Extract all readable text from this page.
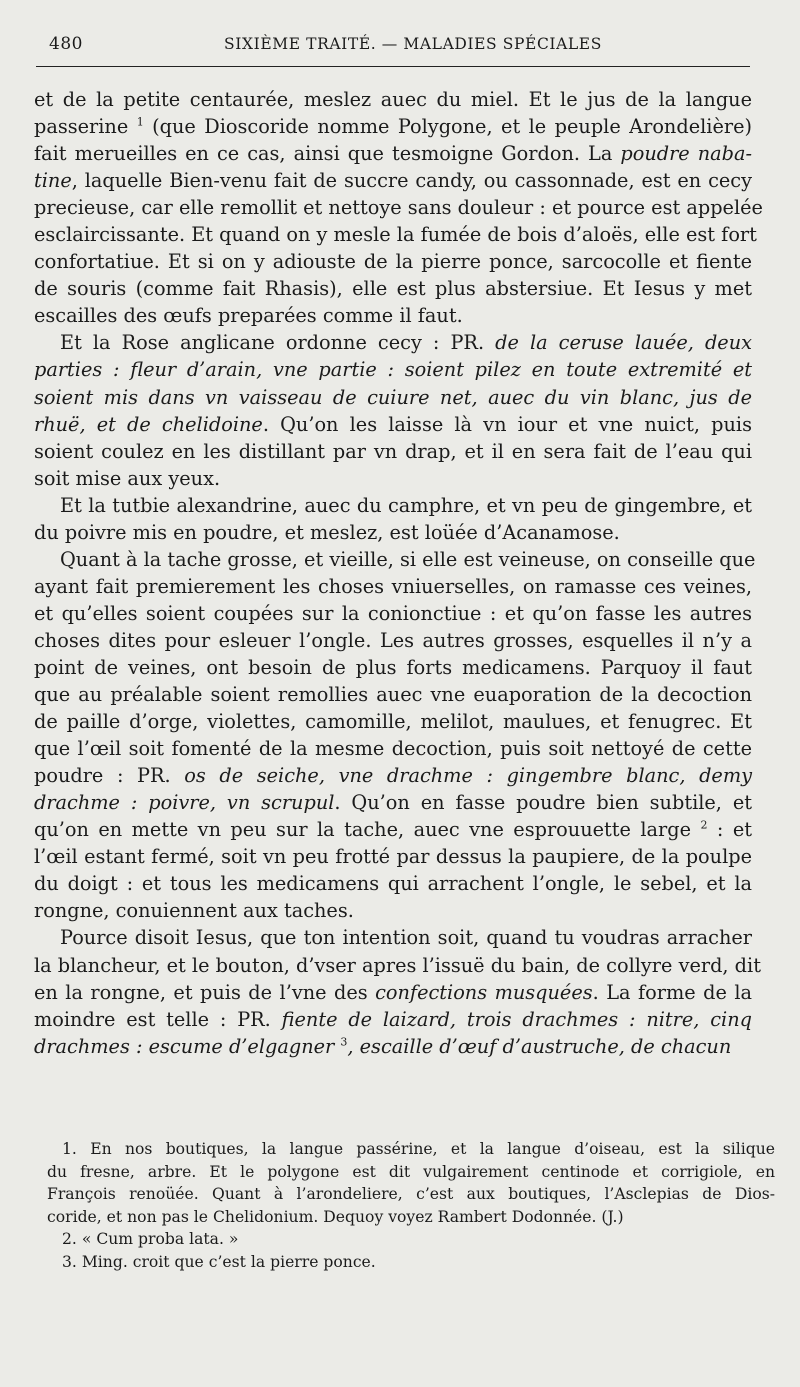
480	SIXIÈME TRAITÉ. — MALADIES SPÉCIALES
et de la petite centaurée, meslez auec du miel. Et le jus de la langue
passerine $^1$ (que Dioscoride nomme Polygone, et le peuple Arondelière)
fait merueilles en ce cas, ainsi que tesmoigne Gordon. La poudre naba-
tine, laquelle Bien-venu fait de succre candy, ou cassonnade, est en cecy
precieuse, car elle remollit et nettoye sans douleur : et pource est appelée
esclaircissante. Et quand on y mesle la fumée de bois d’aloës, elle est fort
confortatiue. Et si on y adiouste de la pierre ponce, sarcocolle et fiente
de souris (comme fait Rhasis), elle est plus abstersiue. Et Iesus y met
escailles des œufs preparées comme il faut.
Et la Rose anglicane ordonne cecy : PR. de la ceruse lauée, deux
parties : fleur d’arain, vne partie : soient pilez en toute extremité et
soient mis dans vn vaisseau de cuiure net, auec du vin blanc, jus de
rhuë, et de chelidoine. Qu’on les laisse là vn iour et vne nuict, puis
soient coulez en les distillant par vn drap, et il en sera fait de l’eau qui
soit mise aux yeux.
Et la tutbie alexandrine, auec du camphre, et vn peu de gingembre, et
du poivre mis en poudre, et meslez, est loüée d’Acanamose.
Quant à la tache grosse, et vieille, si elle est veineuse, on conseille que
ayant fait premierement les choses vniuerselles, on ramasse ces veines,
et qu’elles soient coupées sur la conionctiue : et qu’on fasse les autres
choses dites pour esleuer l’ongle. Les autres grosses, esquelles il n’y a
point de veines, ont besoin de plus forts medicamens. Parquoy il faut
que au préalable soient remollies auec vne euaporation de la decoction
de paille d’orge, violettes, camomille, melilot, maulues, et fenugrec. Et
que l’œil soit fomenté de la mesme decoction, puis soit nettoyé de cette
poudre : PR. os de seiche, vne drachme : gingembre blanc, demy
drachme : poivre, vn scrupul. Qu’on en fasse poudre bien subtile, et
qu’on en mette vn peu sur la tache, auec vne esprouuette large $^2$ : et
l’œil estant fermé, soit vn peu frotté par dessus la paupiere, de la poulpe
du doigt : et tous les medicamens qui arrachent l’ongle, le sebel, et la
rongne, conuiennent aux taches.
Pource disoit Iesus, que ton intention soit, quand tu voudras arracher
la blancheur, et le bouton, d’vser apres l’issuë du bain, de collyre verd, dit
en la rongne, et puis de l’vne des confections musquées. La forme de la
moindre est telle : PR. fiente de laizard, trois drachmes : nitre, cinq
drachmes : escume d’elgagner $^3$, escaille d’œuf d’austruche, de chacun
1. En nos boutiques, la langue passérine, et la langue d’oiseau, est la silique
du fresne, arbre. Et le polygone est dit vulgairement centinode et corrigiole, en
François renoüée. Quant à l’arondeliere, c’est aux boutiques, l’Asclepias de Dios-
coride, et non pas le Chelidonium. Dequoy voyez Rambert Dodonnée. (J.)
2. « Cum proba lata. »
3. Ming. croit que c’est la pierre ponce.
